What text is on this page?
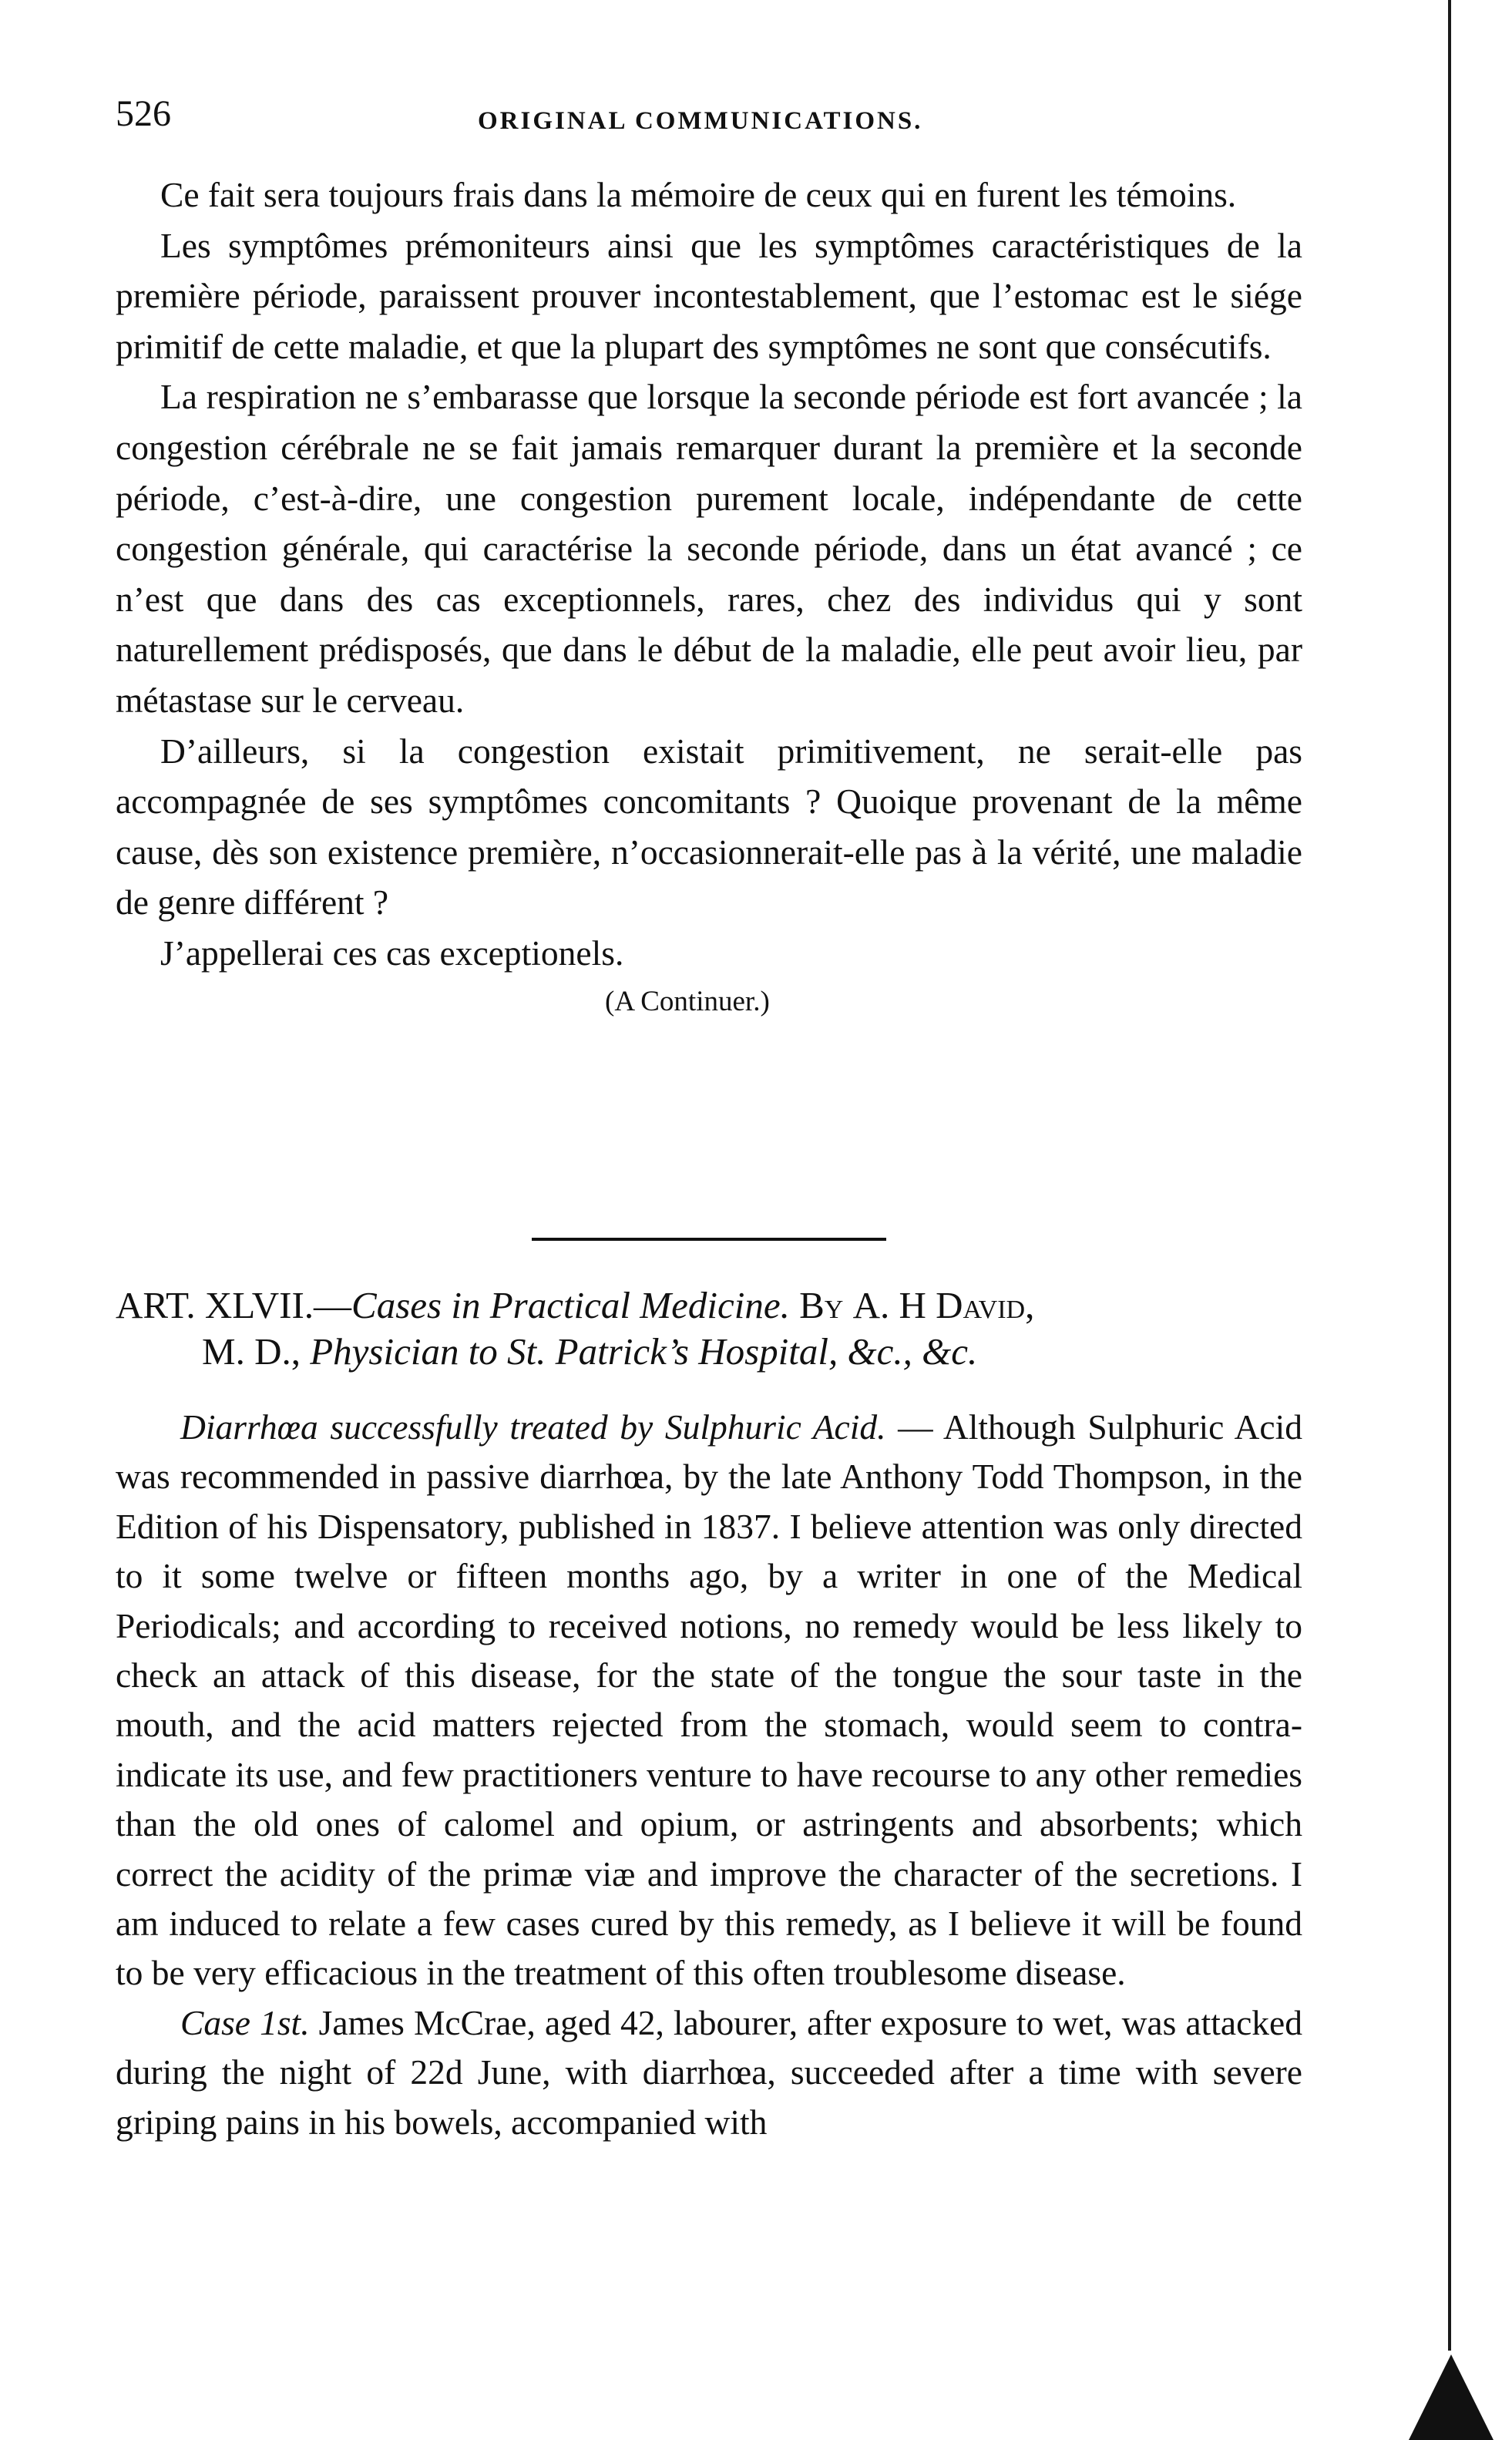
526	ORIGINAL COMMUNICATIONS.

Ce fait sera toujours frais dans la mémoire de ceux qui en furent les témoins.

Les symptômes prémoniteurs ainsi que les symptômes caractéristiques de la première période, paraissent prouver incontestablement, que l’estomac est le siége primitif de cette maladie, et que la plupart des symptômes ne sont que consécutifs.

La respiration ne s’embarasse que lorsque la seconde période est fort avancée ; la congestion cérébrale ne se fait jamais remarquer durant la première et la seconde période, c’est-à-dire, une congestion purement locale, indépendante de cette congestion générale, qui caractérise la seconde période, dans un état avancé ; ce n’est que dans des cas exceptionnels, rares, chez des individus qui y sont naturellement prédisposés, que dans le début de la maladie, elle peut avoir lieu, par métastase sur le cerveau.

D’ailleurs, si la congestion existait primitivement, ne serait-elle pas accompagnée de ses symptômes concomitants ? Quoique provenant de la même cause, dès son existence première, n’occasionnerait-elle pas à la vérité, une maladie de genre différent ?

J’appellerai ces cas exceptionels.

(A Continuer.)
ART. XLVII.—Cases in Practical Medicine. By A. H David,
M. D., Physician to St. Patrick’s Hospital, &c., &c.

Diarrhœa successfully treated by Sulphuric Acid. — Although Sulphuric Acid was recommended in passive diarrhœa, by the late Anthony Todd Thompson, in the Edition of his Dispensatory, published in 1837. I believe attention was only directed to it some twelve or fifteen months ago, by a writer in one of the Medical Periodicals; and according to received notions, no remedy would be less likely to check an attack of this disease, for the state of the tongue the sour taste in the mouth, and the acid matters rejected from the stomach, would seem to contra-indicate its use, and few practitioners venture to have recourse to any other remedies than the old ones of calomel and opium, or astringents and absorbents; which correct the acidity of the primæ viæ and improve the character of the secretions. I am induced to relate a few cases cured by this remedy, as I believe it will be found to be very efficacious in the treatment of this often troublesome disease.

Case 1st. James McCrae, aged 42, labourer, after exposure to wet, was attacked during the night of 22d June, with diarrhœa, succeeded after a time with severe griping pains in his bowels, accompanied with
